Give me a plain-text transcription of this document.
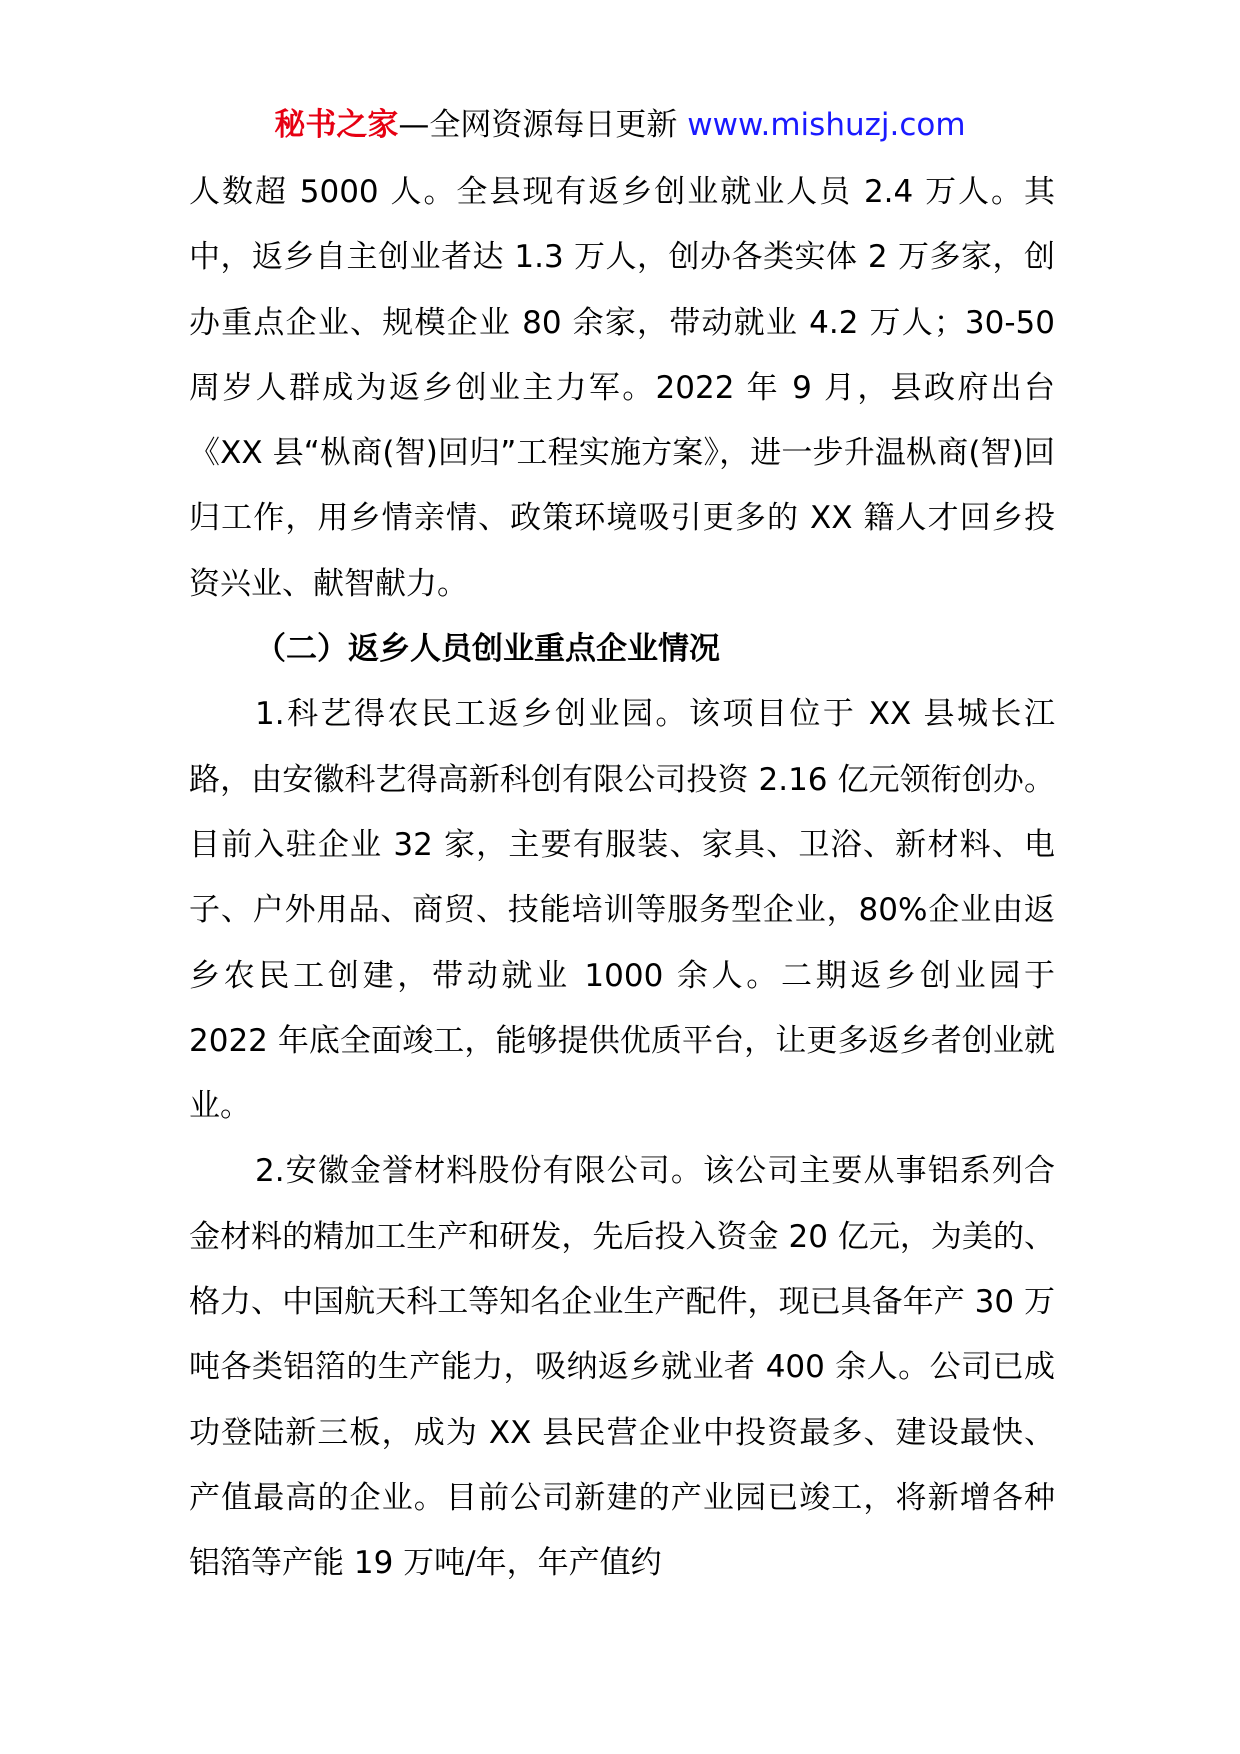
秘书之家—全网资源每日更新 www.mishuzj.com

人数超 5000 人。全县现有返乡创业就业人员 2.4 万人。其中，返乡自主创业者达 1.3 万人，创办各类实体 2 万多家，创办重点企业、规模企业 80 余家，带动就业 4.2 万人；30-50 周岁人群成为返乡创业主力军。2022 年 9 月，县政府出台《XX 县“枞商(智)回归”工程实施方案》，进一步升温枞商(智)回归工作，用乡情亲情、政策环境吸引更多的 XX 籍人才回乡投资兴业、献智献力。

（二）返乡人员创业重点企业情况

1.科艺得农民工返乡创业园。该项目位于 XX 县城长江路，由安徽科艺得高新科创有限公司投资 2.16 亿元领衔创办。目前入驻企业 32 家，主要有服装、家具、卫浴、新材料、电子、户外用品、商贸、技能培训等服务型企业，80%企业由返乡农民工创建，带动就业 1000 余人。二期返乡创业园于 2022 年底全面竣工，能够提供优质平台，让更多返乡者创业就业。

2.安徽金誉材料股份有限公司。该公司主要从事铝系列合金材料的精加工生产和研发，先后投入资金 20 亿元，为美的、格力、中国航天科工等知名企业生产配件，现已具备年产 30 万吨各类铝箔的生产能力，吸纳返乡就业者 400 余人。公司已成功登陆新三板，成为 XX 县民营企业中投资最多、建设最快、产值最高的企业。目前公司新建的产业园已竣工，将新增各种铝箔等产能 19 万吨/年，年产值约
